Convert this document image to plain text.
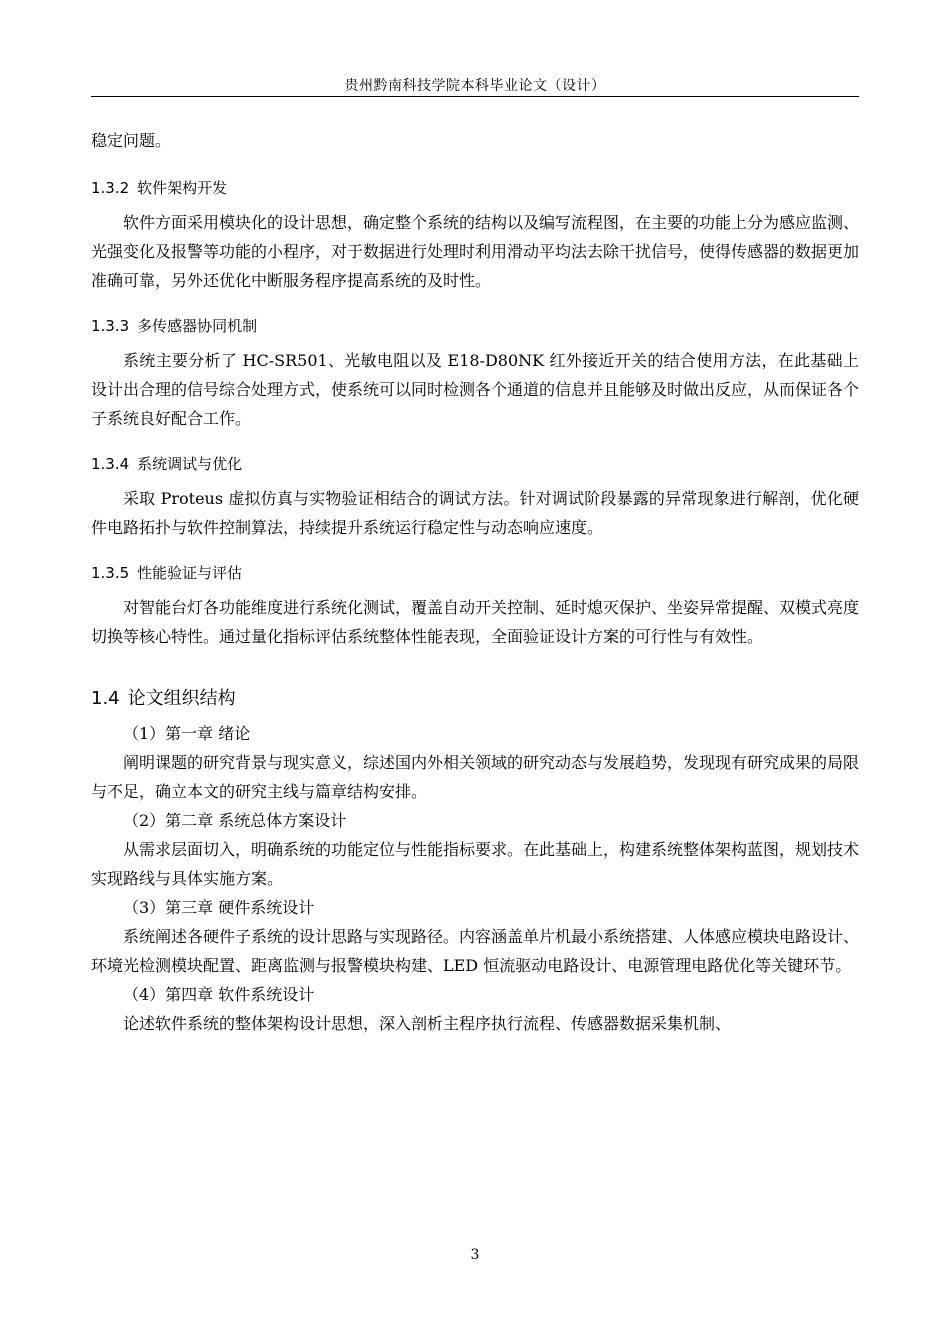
贵州黔南科技学院本科毕业论文（设计）

稳定问题。

1.3.2 软件架构开发

软件方面采用模块化的设计思想，确定整个系统的结构以及编写流程图，在主要的功能上分为感应监测、光强变化及报警等功能的小程序，对于数据进行处理时利用滑动平均法去除干扰信号，使得传感器的数据更加准确可靠，另外还优化中断服务程序提高系统的及时性。

1.3.3 多传感器协同机制

系统主要分析了 HC-SR501、光敏电阻以及 E18-D80NK 红外接近开关的结合使用方法，在此基础上设计出合理的信号综合处理方式，使系统可以同时检测各个通道的信息并且能够及时做出反应，从而保证各个子系统良好配合工作。

1.3.4 系统调试与优化

采取 Proteus 虚拟仿真与实物验证相结合的调试方法。针对调试阶段暴露的异常现象进行解剖，优化硬件电路拓扑与软件控制算法，持续提升系统运行稳定性与动态响应速度。

1.3.5 性能验证与评估

对智能台灯各功能维度进行系统化测试，覆盖自动开关控制、延时熄灭保护、坐姿异常提醒、双模式亮度切换等核心特性。通过量化指标评估系统整体性能表现，全面验证设计方案的可行性与有效性。

1.4 论文组织结构

（1）第一章 绪论

阐明课题的研究背景与现实意义，综述国内外相关领域的研究动态与发展趋势，发现现有研究成果的局限与不足，确立本文的研究主线与篇章结构安排。

（2）第二章 系统总体方案设计

从需求层面切入，明确系统的功能定位与性能指标要求。在此基础上，构建系统整体架构蓝图，规划技术实现路线与具体实施方案。

（3）第三章 硬件系统设计

系统阐述各硬件子系统的设计思路与实现路径。内容涵盖单片机最小系统搭建、人体感应模块电路设计、环境光检测模块配置、距离监测与报警模块构建、LED 恒流驱动电路设计、电源管理电路优化等关键环节。

（4）第四章 软件系统设计

论述软件系统的整体架构设计思想，深入剖析主程序执行流程、传感器数据采集机制、

3
